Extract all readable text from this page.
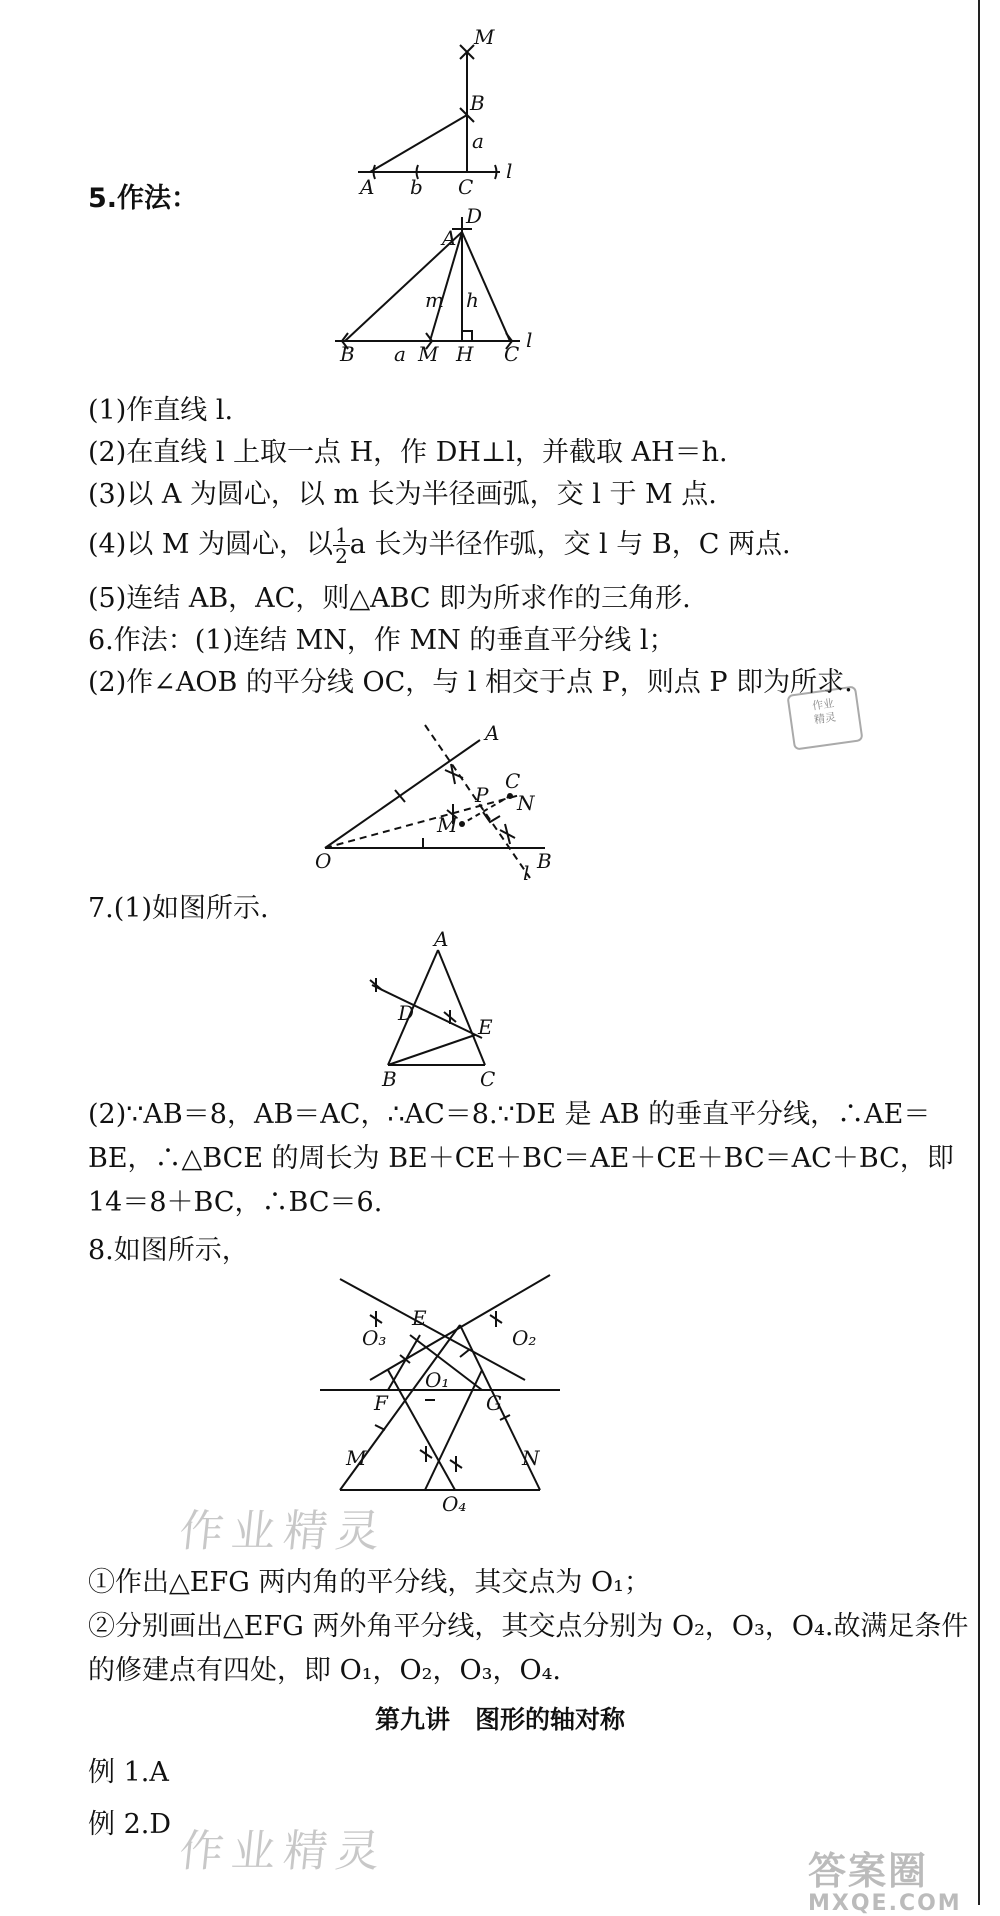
M
B
a
A b C
l
5.作法：
D
A
m h
B a M H C
l
(1)作直线 l.
(2)在直线 l 上取一点 H，作 DH⊥l，并截取 AH＝h.
(3)以 A 为圆心，以 m 长为半径画弧，交 l 于 M 点.
(4)以 M 为圆心，以 $\frac{1}{2}$ a 长为半径作弧，交 l 与 B，C 两点.
(5)连结 AB，AC，则△ABC 即为所求作的三角形.
作业
精灵
6.作法：(1)连结 MN，作 MN 的垂直平分线 l；
(2)作∠AOB 的平分线 OC，与 l 相交于点 P，则点 P 即为所求.
A
C
P N
M
O	B
l
7.(1)如图所示.
A
D
E
B	C
(2)∵AB＝8，AB＝AC，∴AC＝8.∵DE 是 AB 的垂直平分线，∴AE＝
BE，∴△BCE 的周长为 BE＋CE＋BC＝AE＋CE＋BC＝AC＋BC，即
14＝8＋BC，∴BC＝6.
8.如图所示，
E
O₃	O₂
F
O₁
G
M	N
O₄
作业精灵
①作出△EFG 两内角的平分线，其交点为 O₁；
②分别画出△EFG 两外角平分线，其交点分别为 O₂，O₃，O₄.故满足条件
的修建点有四处，即 O₁，O₂，O₃，O₄.
第九讲　图形的轴对称
例 1.A
例 2.D
作业精灵	答案圈
MXQE.COM
